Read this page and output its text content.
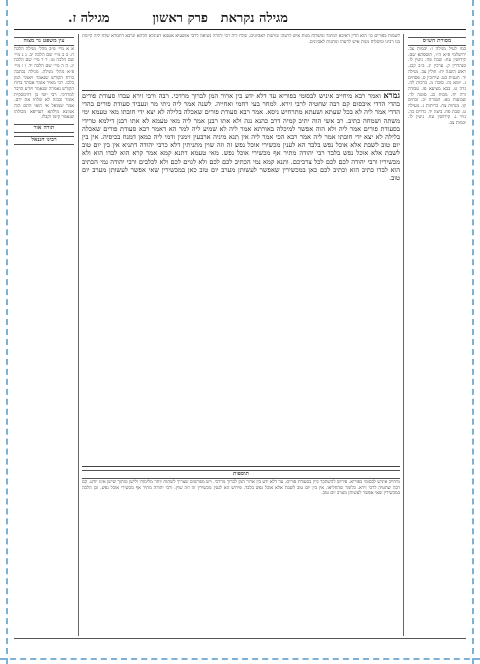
מגילה נקראת
פרק ראשון
מגילה ז.
מסורת הש״ס
כמו לעיל מגילה ו: יבמות צב. ירושלמי פ״א ה״ו, תוספתא שם. קידושין עח: שבת פח. גיטין לו. סנהדרין ק. ערכין יג. ב״ב קכג. ראש השנה יח: חולין צב. מגילה יד. תענית כט. עירובין ס. פסחים נ. יומא מז. סוכה מ. ברכות לה. נדה ט. בבא מציעא פו. עבודה זרה יח. מכות כג. סוטה לד. שבועות מא. תמורה יב. זבחים קו. מנחות צח. כריתות ג. מעילה ט. שבת פח. ביצה יד. נדרים כה. נזיר ג. קידושין עח. גיטין לו. יבמות צב.
עין משפט נר מצוה
א א מיי׳ פ״ב מהל׳ מגילה הלכה ח. ב ב מיי׳ שם הלכה יב. ג ג מיי׳ שם הלכה טו. ד ד מיי׳ שם הלכה יג. ה ה מיי׳ שם הלכה יד. ו ו מיי׳ פ״א מהל׳ מגילה. מגילה נכתבה ברוח הקודש שנאמר ויאמר המן בלבו. רבי מאיר אומר אסתר ברוח הקודש נאמרה שנאמר ויודע הדבר למרדכי. רבי יוסי בן דורמסקית אומר ובבזה לא שלחו את ידם. אמר שמואל אי הואי התם הוה אמינא מילתא דעדיפא מכולהו שנאמר קימו וקבלו.
תורה אור
רבינו חננאל
לשמוח בפורים כו׳ הוא הדין דאיכא למימר ומשלוח מנות איש לרעהו ומתנות לאביונים. שלח ליה רבי יהודה נשיאה לרבי אושעיא אטמא דעיגלא תלתא וגרבא דחמרא שלח ליה קיימת בנו רבינו ומשלוח מנות איש לרעהו ומתנות לאביונים.
גמרא ואמר רבא מיחייב איניש לבסומי בפוריא עד דלא ידע בין ארור המן לברוך מרדכי. רבה ורבי זירא עבדו סעודת פורים בהדי הדדי איבסום קם רבה שחטיה לרבי זירא. למחר בעי רחמי ואחייה. לשנה אמר ליה ניתי מר ונעביד סעודת פורים בהדי הדדי אמר ליה לא בכל שעתא ושעתא מתרחיש ניסא. אמר רבא סעודת פורים שאכלה בלילה לא יצא ידי חובתו מאי טעמא ימי משתה ושמחה כתיב. רב אשי הוה יתיב קמיה דרב כהנא נגה ולא אתו רבנן אמר ליה מאי טעמא לא אתו רבנן דילמא טרידי בסעודת פורים אמר ליה ולא הוה אפשר למיכלה באורתא אמר ליה לא שמיע ליה למר הא דאמר רבא סעודת פורים שאכלה בלילה לא יצא ידי חובתו אמר ליה אמר רבא הכי אמר ליה אין תנא מיניה ארבעין זימנין ודמי ליה כמאן דמנח בכיסיה. אין בין יום טוב לשבת אלא אוכל נפש בלבד הא לענין מכשירי אוכל נפש זה וזה שוין מתניתין דלא כרבי יהודה דתניא אין בין יום טוב לשבת אלא אוכל נפש בלבד רבי יהודה מתיר אף מכשירי אוכל נפש. מאי טעמא דתנא קמא אמר קרא הוא לבדו הוא ולא מכשיריו ורבי יהודה לכם לכם לכל צרכיכם. ותנא קמא נמי הכתיב לכם לכם ולא לגוים לכם ולא לכלבים ורבי יהודה נמי הכתיב הוא לבדו כתיב הוא וכתיב לכם כאן במכשירין שאפשר לעשותן מערב יום טוב כאן במכשירין שאי אפשר לעשותן מערב יום טוב.
תוספות
מיחייב איניש לבסומי בפוריא. פירוש להשתכר ביין בסעודת פורים. עד דלא ידע בין ארור המן לברוך מרדכי. ויש מפרשים שצריך לשתות יותר מלימודו ולישן ומתוך שישן אינו יודע. קם רבה שחטיה לרבי זירא. כלומר שהחליאו. אין בין יום טוב לשבת אלא אוכל נפש בלבד. פירוש הא לענין מכשירין זה וזה שוין. ורבי יהודה מתיר אף מכשירי אוכל נפש. וכן הלכה במכשירין שאי אפשר לעשותן מערב יום טוב.
